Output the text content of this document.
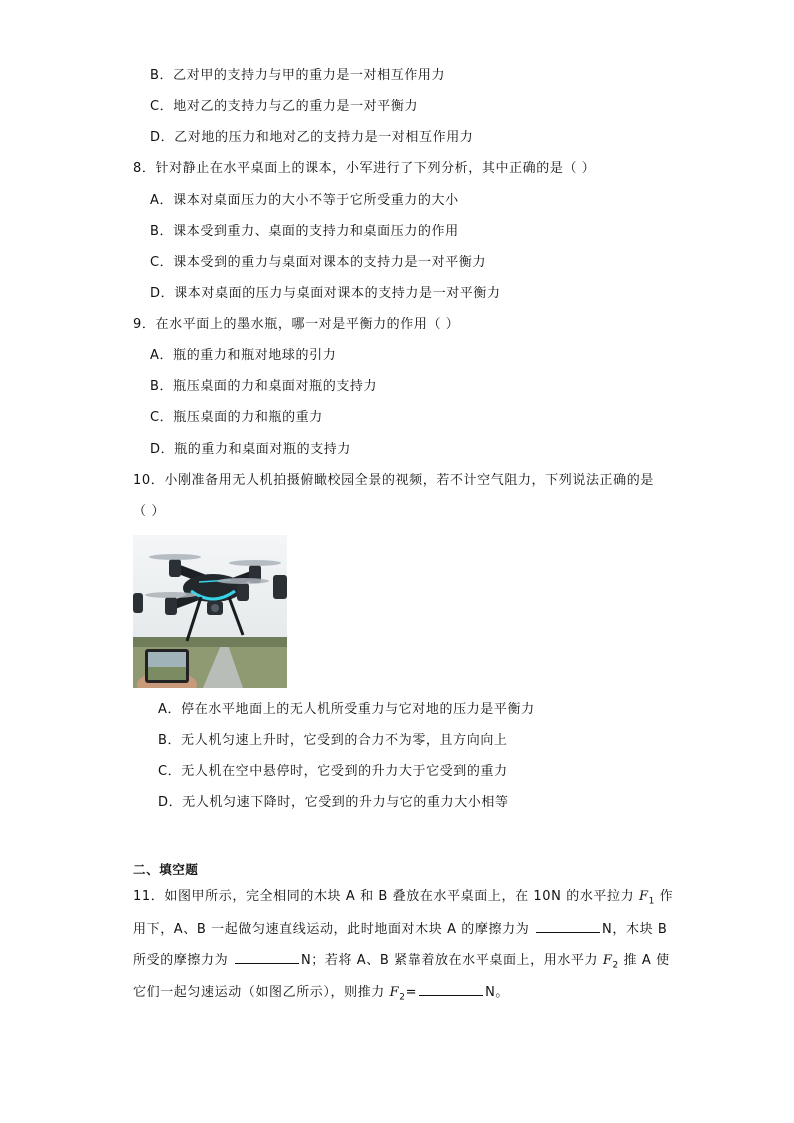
B．乙对甲的支持力与甲的重力是一对相互作用力
C．地对乙的支持力与乙的重力是一对平衡力
D．乙对地的压力和地对乙的支持力是一对相互作用力
8．针对静止在水平桌面上的课本，小军进行了下列分析，其中正确的是（ ）
A．课本对桌面压力的大小不等于它所受重力的大小
B．课本受到重力、桌面的支持力和桌面压力的作用
C．课本受到的重力与桌面对课本的支持力是一对平衡力
D．课本对桌面的压力与桌面对课本的支持力是一对平衡力
9．在水平面上的墨水瓶，哪一对是平衡力的作用（ ）
A．瓶的重力和瓶对地球的引力
B．瓶压桌面的力和桌面对瓶的支持力
C．瓶压桌面的力和瓶的重力
D．瓶的重力和桌面对瓶的支持力
10．小刚准备用无人机拍摄俯瞰校园全景的视频，若不计空气阻力，下列说法正确的是
（ ）
A．停在水平地面上的无人机所受重力与它对地的压力是平衡力
B．无人机匀速上升时，它受到的合力不为零，且方向向上
C．无人机在空中悬停时，它受到的升力大于它受到的重力
D．无人机匀速下降时，它受到的升力与它的重力大小相等
二、填空题
11．如图甲所示，完全相同的木块 A 和 B 叠放在水平桌面上，在 10N 的水平拉力 $F_1$ 作
用下，A、B 一起做匀速直线运动，此时地面对木块 A 的摩擦力为	N，木块 B
所受的摩擦力为	N；若将 A、B 紧靠着放在水平桌面上，用水平力 $F_2$ 推 A 使
它们一起匀速运动（如图乙所示），则推力 $F_2=$	N。
